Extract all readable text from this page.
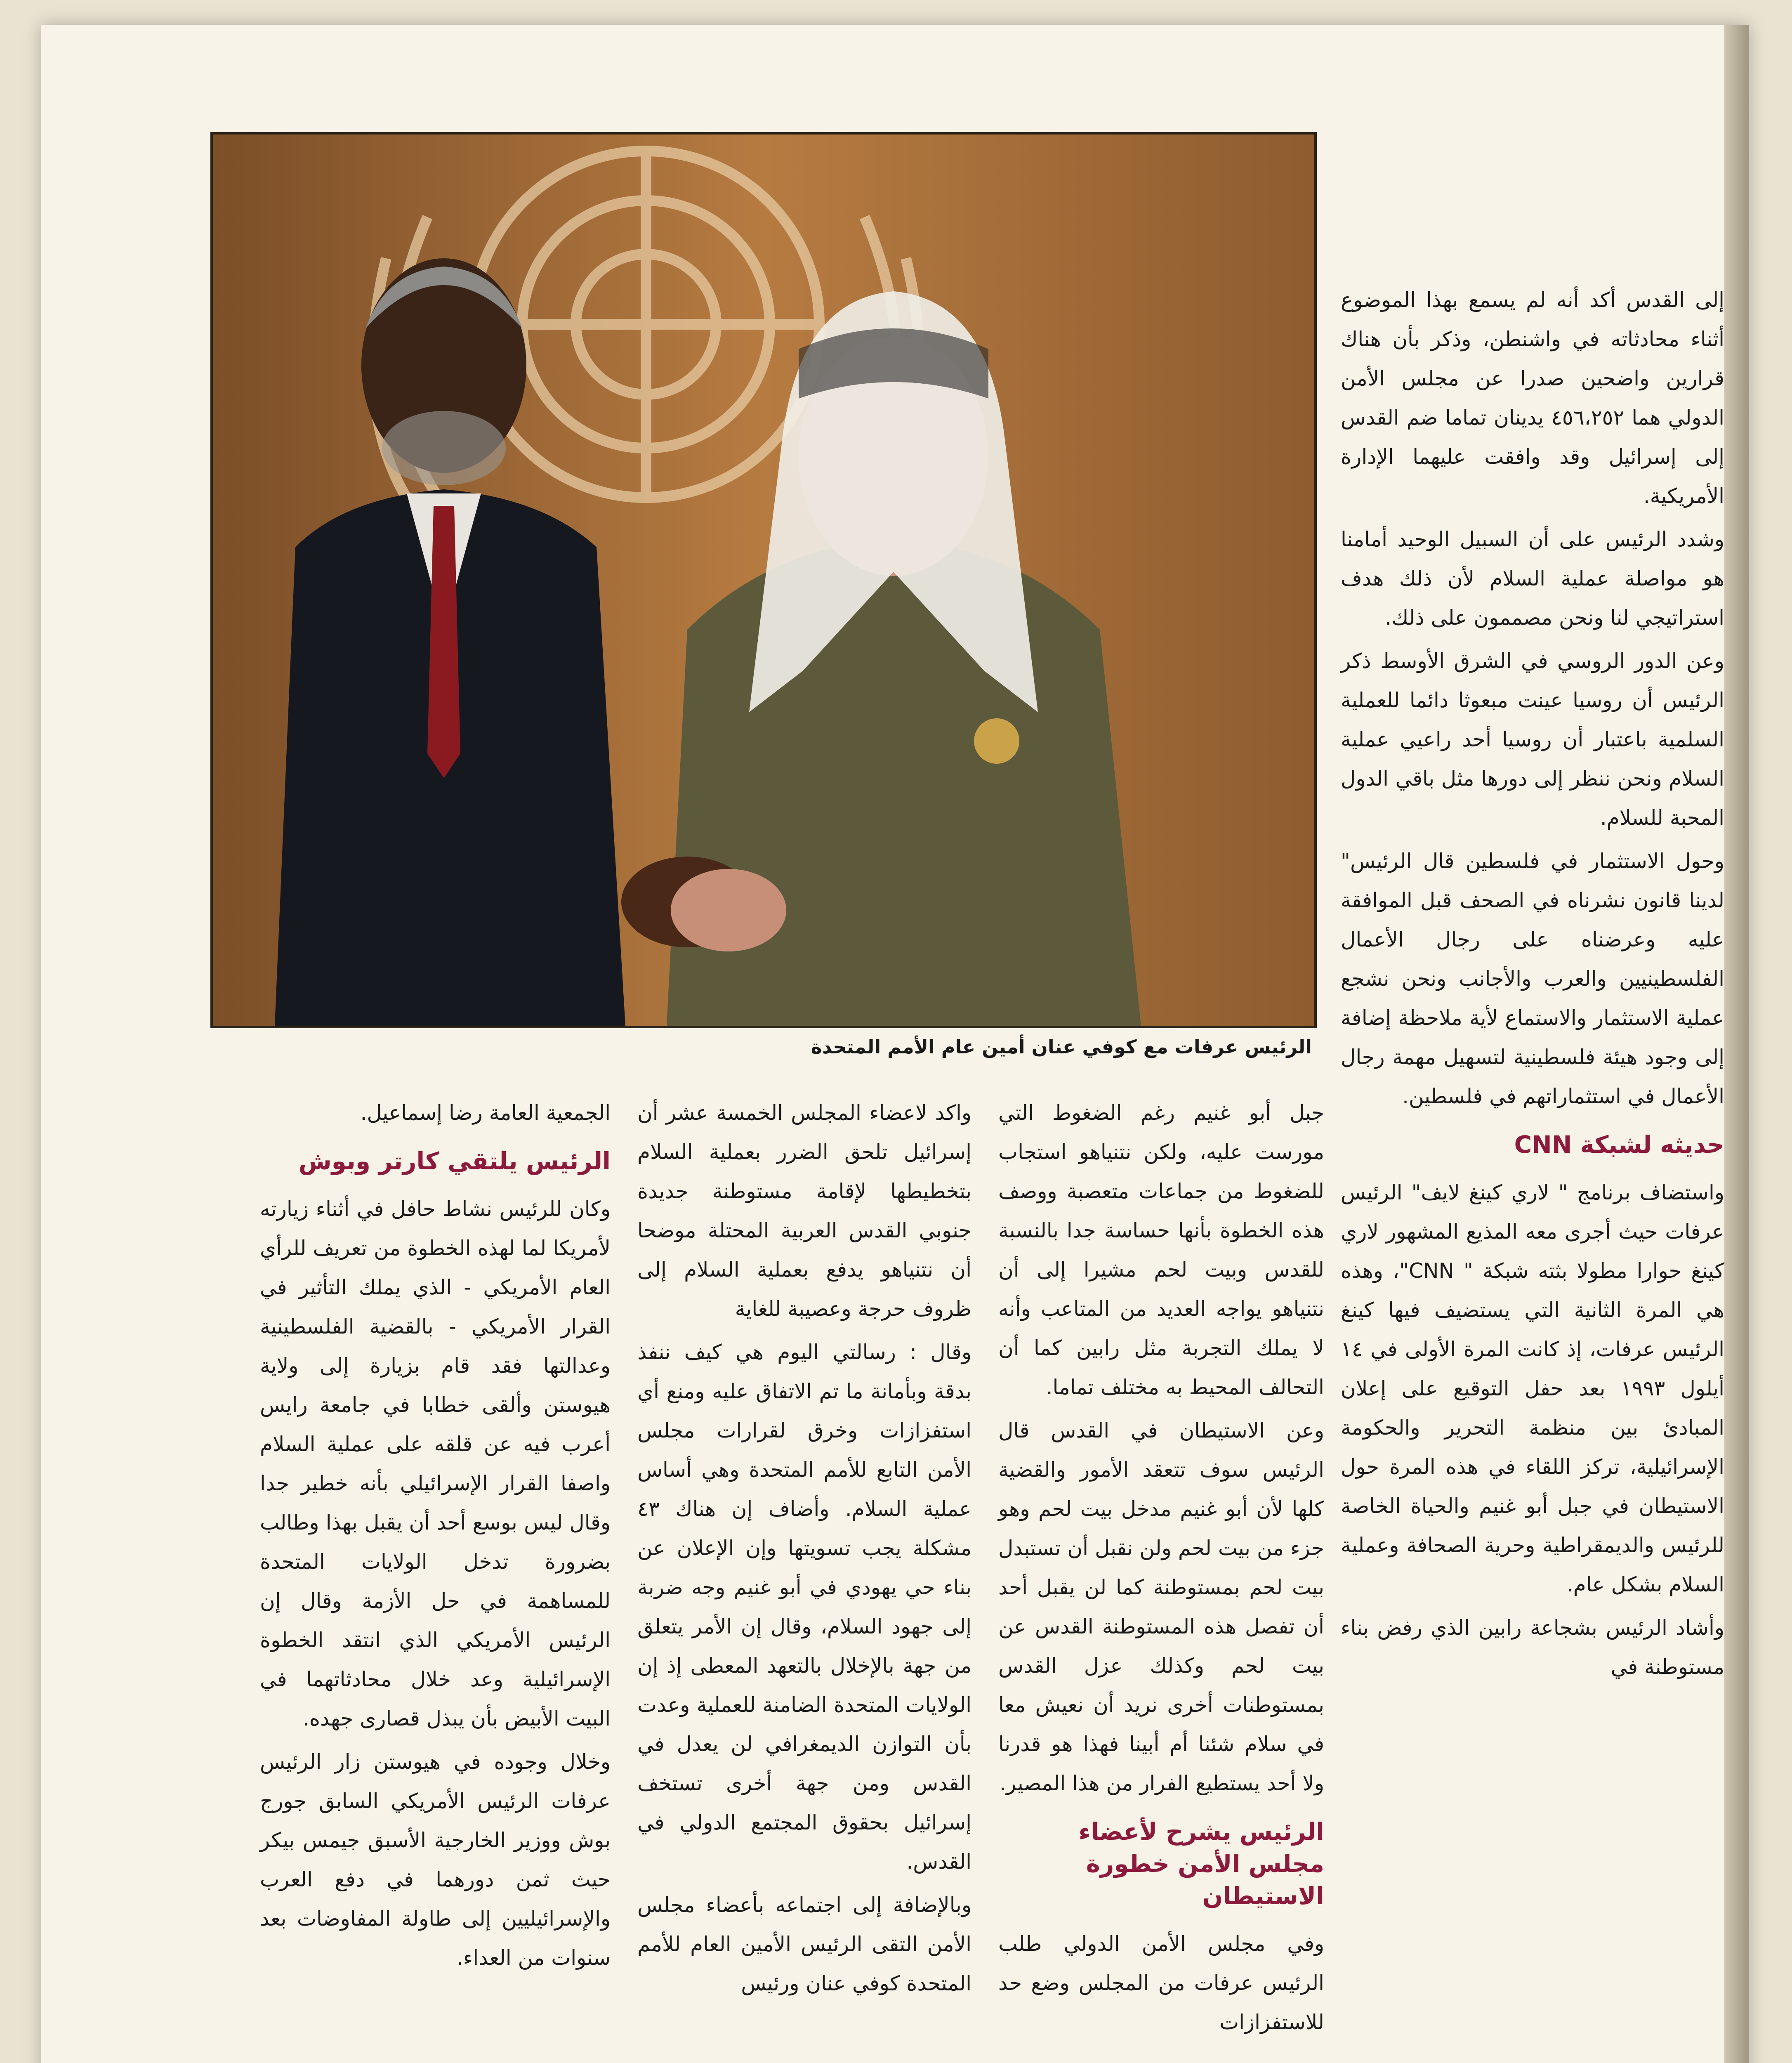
الرئيس عرفات مع كوفي عنان أمين عام الأمم المتحدة

إلى القدس أكد أنه لم يسمع بهذا الموضوع أثناء محادثاته في واشنطن، وذكر بأن هناك قرارين واضحين صدرا عن مجلس الأمن الدولي هما ٤٥٦،٢٥٢ يدينان تماما ضم القدس إلى إسرائيل وقد وافقت عليهما الإدارة الأمريكية.

وشدد الرئيس على أن السبيل الوحيد أمامنا هو مواصلة عملية السلام لأن ذلك هدف استراتيجي لنا ونحن مصممون على ذلك.

وعن الدور الروسي في الشرق الأوسط ذكر الرئيس أن روسيا عينت مبعوثا دائما للعملية السلمية باعتبار أن روسيا أحد راعيي عملية السلام ونحن ننظر إلى دورها مثل باقي الدول المحبة للسلام.

وحول الاستثمار في فلسطين قال الرئيس" لدينا قانون نشرناه في الصحف قبل الموافقة عليه وعرضناه على رجال الأعمال الفلسطينيين والعرب والأجانب ونحن نشجع عملية الاستثمار والاستماع لأية ملاحظة إضافة إلى وجود هيئة فلسطينية لتسهيل مهمة رجال الأعمال في استثماراتهم في فلسطين.

حديثه لشبكة CNN

واستضاف برنامج " لاري كينغ لايف" الرئيس عرفات حيث أجرى معه المذيع المشهور لاري كينغ حوارا مطولا بثته شبكة " CNN"، وهذه هي المرة الثانية التي يستضيف فيها كينغ الرئيس عرفات، إذ كانت المرة الأولى في ١٤ أيلول ١٩٩٣ بعد حفل التوقيع على إعلان المبادئ بين منظمة التحرير والحكومة الإسرائيلية، تركز اللقاء في هذه المرة حول الاستيطان في جبل أبو غنيم والحياة الخاصة للرئيس والديمقراطية وحرية الصحافة وعملية السلام بشكل عام.

وأشاد الرئيس بشجاعة رابين الذي رفض بناء مستوطنة في

جبل أبو غنيم رغم الضغوط التي مورست عليه، ولكن نتنياهو استجاب للضغوط من جماعات متعصبة ووصف هذه الخطوة بأنها حساسة جدا بالنسبة للقدس وبيت لحم مشيرا إلى أن نتنياهو يواجه العديد من المتاعب وأنه لا يملك التجربة مثل رابين كما أن التحالف المحيط به مختلف تماما.

وعن الاستيطان في القدس قال الرئيس سوف تتعقد الأمور والقضية كلها لأن أبو غنيم مدخل بيت لحم وهو جزء من بيت لحم ولن نقبل أن تستبدل بيت لحم بمستوطنة كما لن يقبل أحد أن تفصل هذه المستوطنة القدس عن بيت لحم وكذلك عزل القدس بمستوطنات أخرى نريد أن نعيش معا في سلام شئنا أم أبينا فهذا هو قدرنا ولا أحد يستطيع الفرار من هذا المصير.

الرئيس يشرح لأعضاء مجلس الأمن خطورة الاستيطان

وفي مجلس الأمن الدولي طلب الرئيس عرفات من المجلس وضع حد للاستفزازات

واكد لاعضاء المجلس الخمسة عشر أن إسرائيل تلحق الضرر بعملية السلام بتخطيطها لإقامة مستوطنة جديدة جنوبي القدس العربية المحتلة موضحا أن نتنياهو يدفع بعملية السلام إلى ظروف حرجة وعصيبة للغاية

وقال : رسالتي اليوم هي كيف ننفذ بدقة وبأمانة ما تم الاتفاق عليه ومنع أي استفزازات وخرق لقرارات مجلس الأمن التابع للأمم المتحدة وهي أساس عملية السلام. وأضاف إن هناك ٤٣ مشكلة يجب تسويتها وإن الإعلان عن بناء حي يهودي في أبو غنيم وجه ضربة إلى جهود السلام، وقال إن الأمر يتعلق من جهة بالإخلال بالتعهد المعطى إذ إن الولايات المتحدة الضامنة للعملية وعدت بأن التوازن الديمغرافي لن يعدل في القدس ومن جهة أخرى تستخف إسرائيل بحقوق المجتمع الدولي في القدس.

وبالإضافة إلى اجتماعه بأعضاء مجلس الأمن التقى الرئيس الأمين العام للأمم المتحدة كوفي عنان ورئيس

الجمعية العامة رضا إسماعيل.

الرئيس يلتقي كارتر وبوش

وكان للرئيس نشاط حافل في أثناء زيارته لأمريكا لما لهذه الخطوة من تعريف للرأي العام الأمريكي - الذي يملك التأثير في القرار الأمريكي - بالقضية الفلسطينية وعدالتها فقد قام بزيارة إلى ولاية هيوستن وألقى خطابا في جامعة رايس أعرب فيه عن قلقه على عملية السلام واصفا القرار الإسرائيلي بأنه خطير جدا وقال ليس بوسع أحد أن يقبل بهذا وطالب بضرورة تدخل الولايات المتحدة للمساهمة في حل الأزمة وقال إن الرئيس الأمريكي الذي انتقد الخطوة الإسرائيلية وعد خلال محادثاتهما في البيت الأبيض بأن يبذل قصارى جهده.

وخلال وجوده في هيوستن زار الرئيس عرفات الرئيس الأمريكي السابق جورج بوش ووزير الخارجية الأسبق جيمس بيكر حيث ثمن دورهما في دفع العرب والإسرائيليين إلى طاولة المفاوضات بعد سنوات من العداء.
